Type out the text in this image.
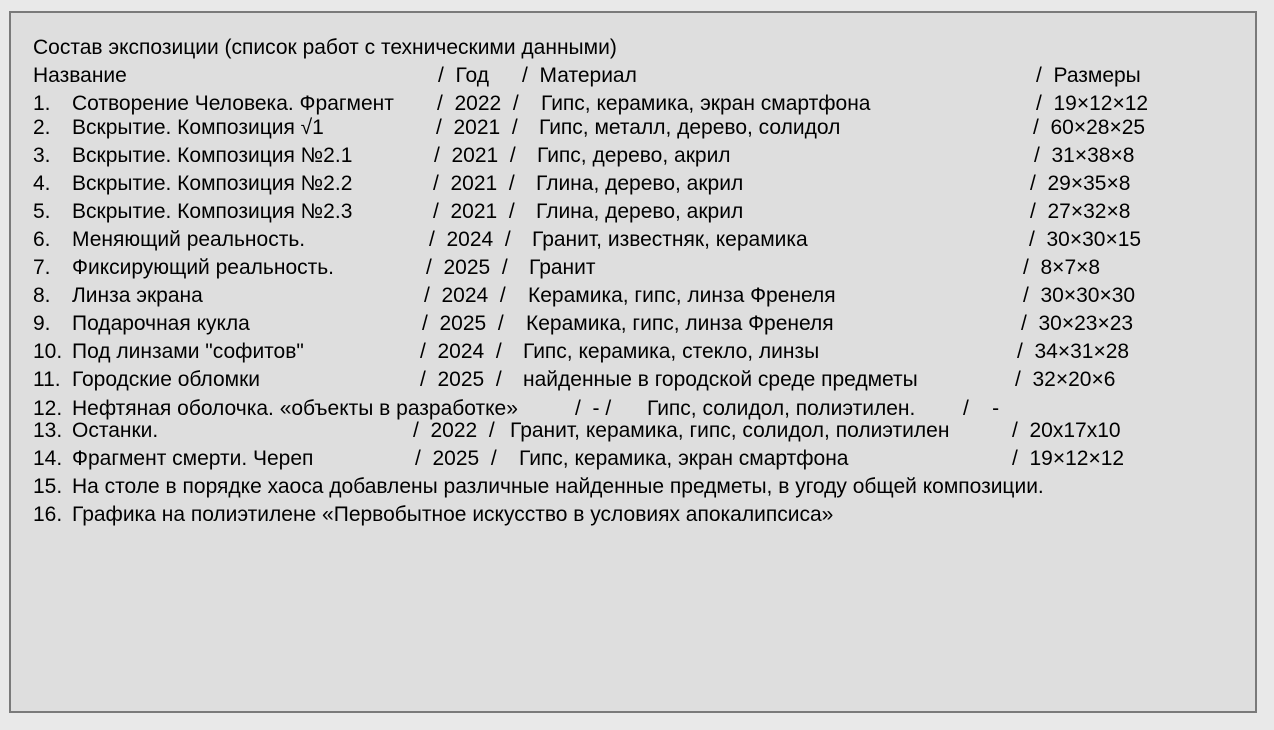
Состав экспозиции (список работ с техническими данными)
Название	/  Год /  Материал	/  Размеры
1. Сотворение Человека. Фрагмент /  2022  / Гипс, керамика, экран смартфона	/  19×12×12
2. Вскрытие. Композиция √1	/  2021  / Гипс, металл, дерево, солидол	/  60×28×25
3. Вскрытие. Композиция №2.1	/  2021  / Гипс, дерево, акрил	/  31×38×8
4. Вскрытие. Композиция №2.2	/  2021  / Глина, дерево, акрил	/  29×35×8
5. Вскрытие. Композиция №2.3	/  2021  / Глина, дерево, акрил	/  27×32×8
6. Меняющий реальность.	/  2024  / Гранит, известняк, керамика	/  30×30×15
7. Фиксирующий реальность.	/  2025  / Гранит	/  8×7×8
8. Линза экрана	/  2024  / Керамика, гипс, линза Френеля	/  30×30×30
9. Подарочная кукла	/  2025  / Керамика, гипс, линза Френеля	/  30×23×23
10. Под линзами "софитов"	/  2024  / Гипс, керамика, стекло, линзы	/  34×31×28
11. Городские обломки	/  2025  / найденные в городской среде предметы	/  32×20×6
12. Нефтяная оболочка. «объекты в разработке»	/  - / Гипс, солидол, полиэтилен. /    -
13. Останки.	/  2022  / Гранит, керамика, гипс, солидол, полиэтилен	/  20x17x10
14. Фрагмент смерти. Череп	/  2025  / Гипс, керамика, экран смартфона	/  19×12×12
15. На столе в порядке хаоса добавлены различные найденные предметы, в угоду общей композиции.
16. Графика на полиэтилене «Первобытное искусство в условиях апокалипсиса»
